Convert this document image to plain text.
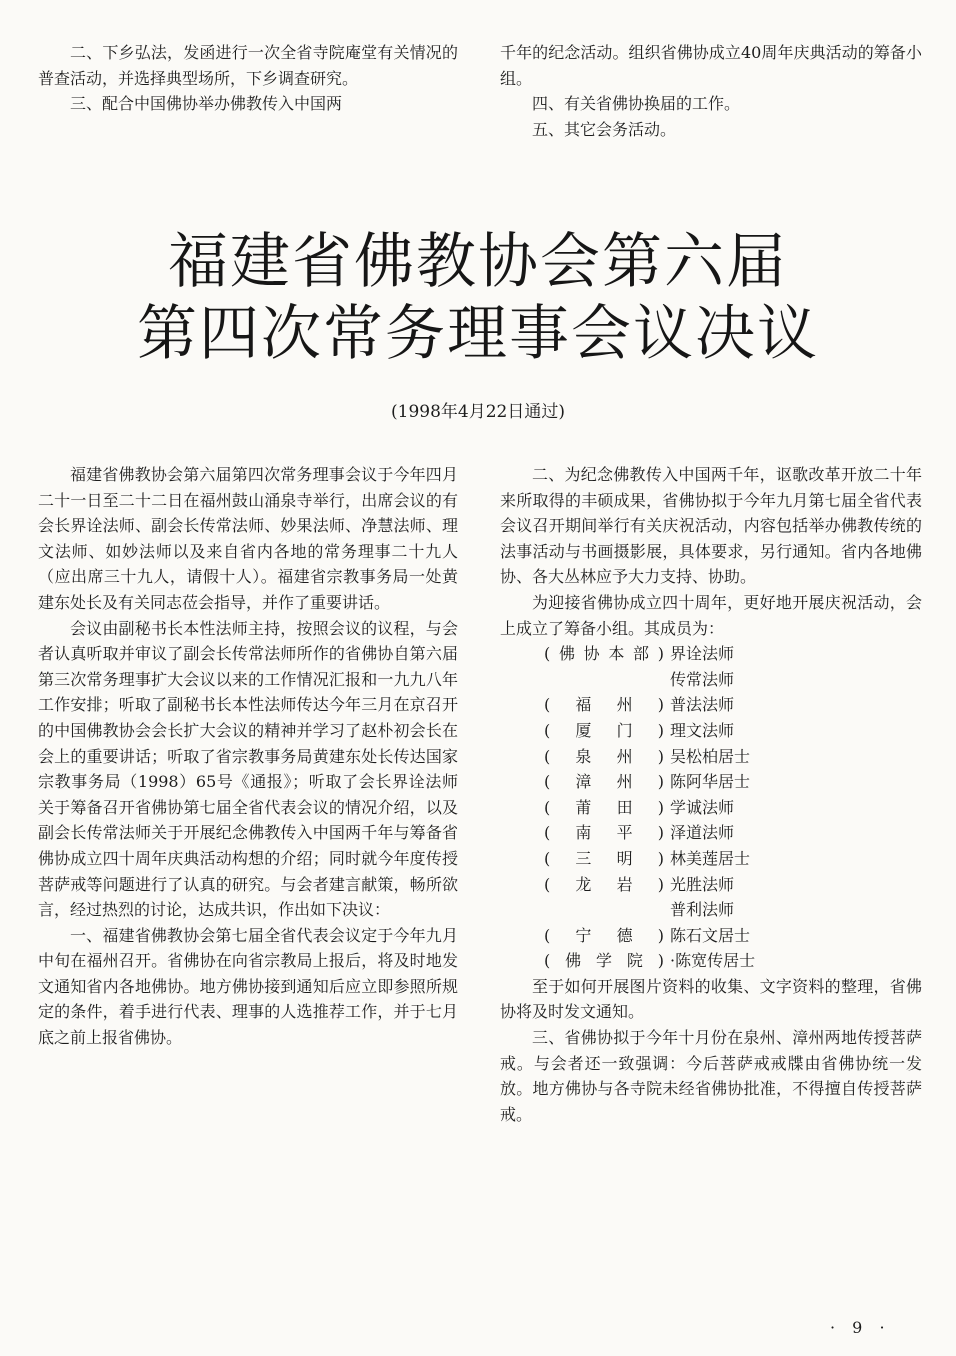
二、下乡弘法，发函进行一次全省寺院庵堂有关情况的普查活动，并选择典型场所，下乡调查研究。

三、配合中国佛协举办佛教传入中国两

千年的纪念活动。组织省佛协成立40周年庆典活动的筹备小组。

四、有关省佛协换届的工作。

五、其它会务活动。

福建省佛教协会第六届
第四次常务理事会议决议
(1998年4月22日通过)

福建省佛教协会第六届第四次常务理事会议于今年四月二十一日至二十二日在福州鼓山涌泉寺举行，出席会议的有会长界诠法师、副会长传常法师、妙果法师、净慧法师、理文法师、如妙法师以及来自省内各地的常务理事二十九人（应出席三十九人，请假十人）。福建省宗教事务局一处黄建东处长及有关同志莅会指导，并作了重要讲话。

会议由副秘书长本性法师主持，按照会议的议程，与会者认真听取并审议了副会长传常法师所作的省佛协自第六届第三次常务理事扩大会议以来的工作情况汇报和一九九八年工作安排；听取了副秘书长本性法师传达今年三月在京召开的中国佛教协会会长扩大会议的精神并学习了赵朴初会长在会上的重要讲话；听取了省宗教事务局黄建东处长传达国家宗教事务局（1998）65号《通报》；听取了会长界诠法师关于筹备召开省佛协第七届全省代表会议的情况介绍，以及副会长传常法师关于开展纪念佛教传入中国两千年与筹备省佛协成立四十周年庆典活动构想的介绍；同时就今年度传授菩萨戒等问题进行了认真的研究。与会者建言献策，畅所欲言，经过热烈的讨论，达成共识，作出如下决议：

一、福建省佛教协会第七届全省代表会议定于今年九月中旬在福州召开。省佛协在向省宗教局上报后，将及时地发文通知省内各地佛协。地方佛协接到通知后应立即参照所规定的条件，着手进行代表、理事的人选推荐工作，并于七月底之前上报省佛协。

二、为纪念佛教传入中国两千年，讴歌改革开放二十年来所取得的丰硕成果，省佛协拟于今年九月第七届全省代表会议召开期间举行有关庆祝活动，内容包括举办佛教传统的法事活动与书画摄影展，具体要求，另行通知。省内各地佛协、各大丛林应予大力支持、协助。

为迎接省佛协成立四十周年，更好地开展庆祝活动，会上成立了筹备小组。其成员为：

(佛协本部) 界诠法师
传常法师
(福州) 普法法师
(厦门) 理文法师
(泉州) 吴松柏居士
(漳州) 陈阿华居士
(莆田) 学诚法师
(南平) 泽道法师
(三明) 林美莲居士
(龙岩) 光胜法师
普利法师
(宁德) 陈石文居士
(佛学院) ·陈宽传居士

至于如何开展图片资料的收集、文字资料的整理，省佛协将及时发文通知。

三、省佛协拟于今年十月份在泉州、漳州两地传授菩萨戒。与会者还一致强调：今后菩萨戒戒牒由省佛协统一发放。地方佛协与各寺院未经省佛协批准，不得擅自传授菩萨戒。

· 9 ·
